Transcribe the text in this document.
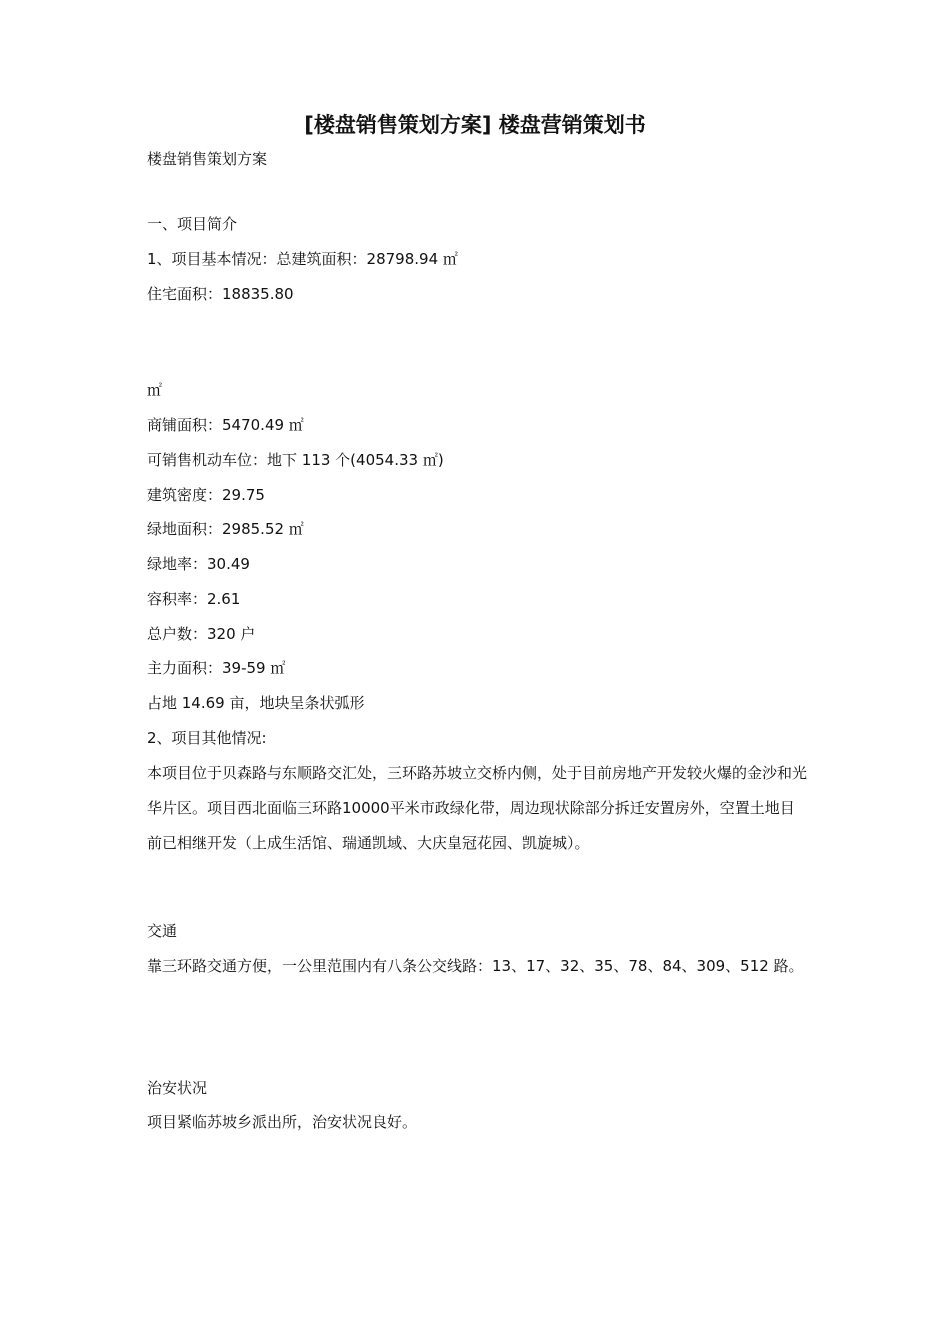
[楼盘销售策划方案] 楼盘营销策划书
楼盘销售策划方案
一、项目简介
1、项目基本情况：总建筑面积：28798.94 ㎡
住宅面积：18835.80
㎡
商铺面积：5470.49 ㎡
可销售机动车位：地下 113 个(4054.33 ㎡)
建筑密度：29.75
绿地面积：2985.52 ㎡
绿地率：30.49
容积率：2.61
总户数：320 户
主力面积：39-59 ㎡
占地 14.69 亩，地块呈条状弧形
2、项目其他情况:
本项目位于贝森路与东顺路交汇处，三环路苏坡立交桥内侧，处于目前房地产开发较火爆的金沙和光华片区。项目西北面临三环路10000平米市政绿化带，周边现状除部分拆迁安置房外，空置土地目前已相继开发（上成生活馆、瑞通凯域、大庆皇冠花园、凯旋城）。
交通
靠三环路交通方便，一公里范围内有八条公交线路：13、17、32、35、78、84、309、512 路。
治安状况
项目紧临苏坡乡派出所，治安状况良好。
